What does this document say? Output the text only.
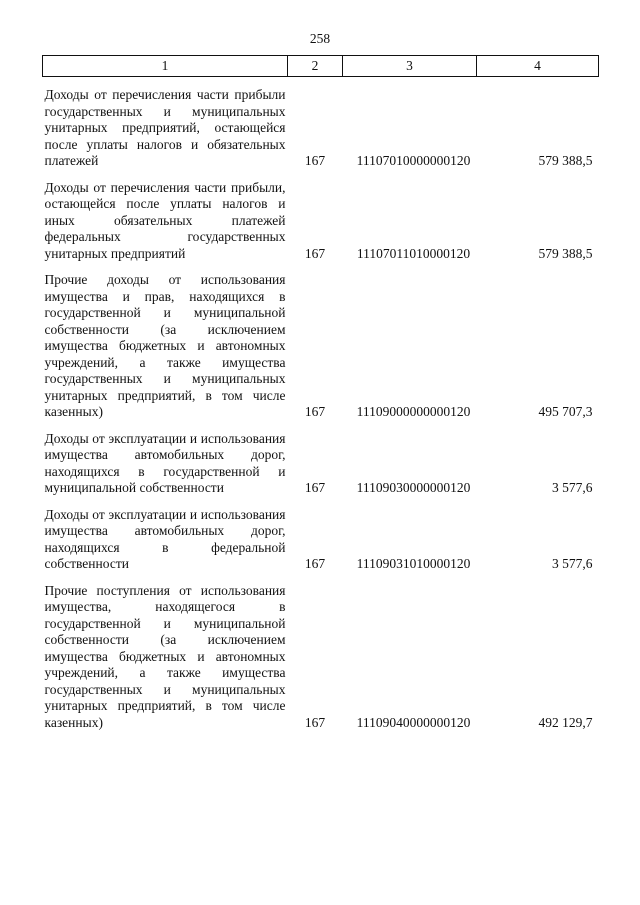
258
1	2	3	4
Доходы от перечисления части прибыли государственных и муниципальных унитарных предприятий, остающейся после уплаты налогов и обязательных платежей	167	11107010000000120	579 388,5
Доходы от перечисления части прибыли, остающейся после уплаты налогов и иных обязательных платежей федеральных государственных унитарных предприятий	167	11107011010000120	579 388,5
Прочие доходы от использования имущества и прав, находящихся в государственной и муниципальной собственности (за исключением имущества бюджетных и автономных учреждений, а также имущества государственных и муниципальных унитарных предприятий, в том числе казенных)	167	11109000000000120	495 707,3
Доходы от эксплуатации и использования имущества автомобильных дорог, находящихся в государственной и муниципальной собственности	167	11109030000000120	3 577,6
Доходы от эксплуатации и использования имущества автомобильных дорог, находящихся в федеральной собственности	167	11109031010000120	3 577,6
Прочие поступления от использования имущества, находящегося в государственной и муниципальной собственности (за исключением имущества бюджетных и автономных учреждений, а также имущества государственных и муниципальных унитарных предприятий, в том числе казенных)	167	11109040000000120	492 129,7
